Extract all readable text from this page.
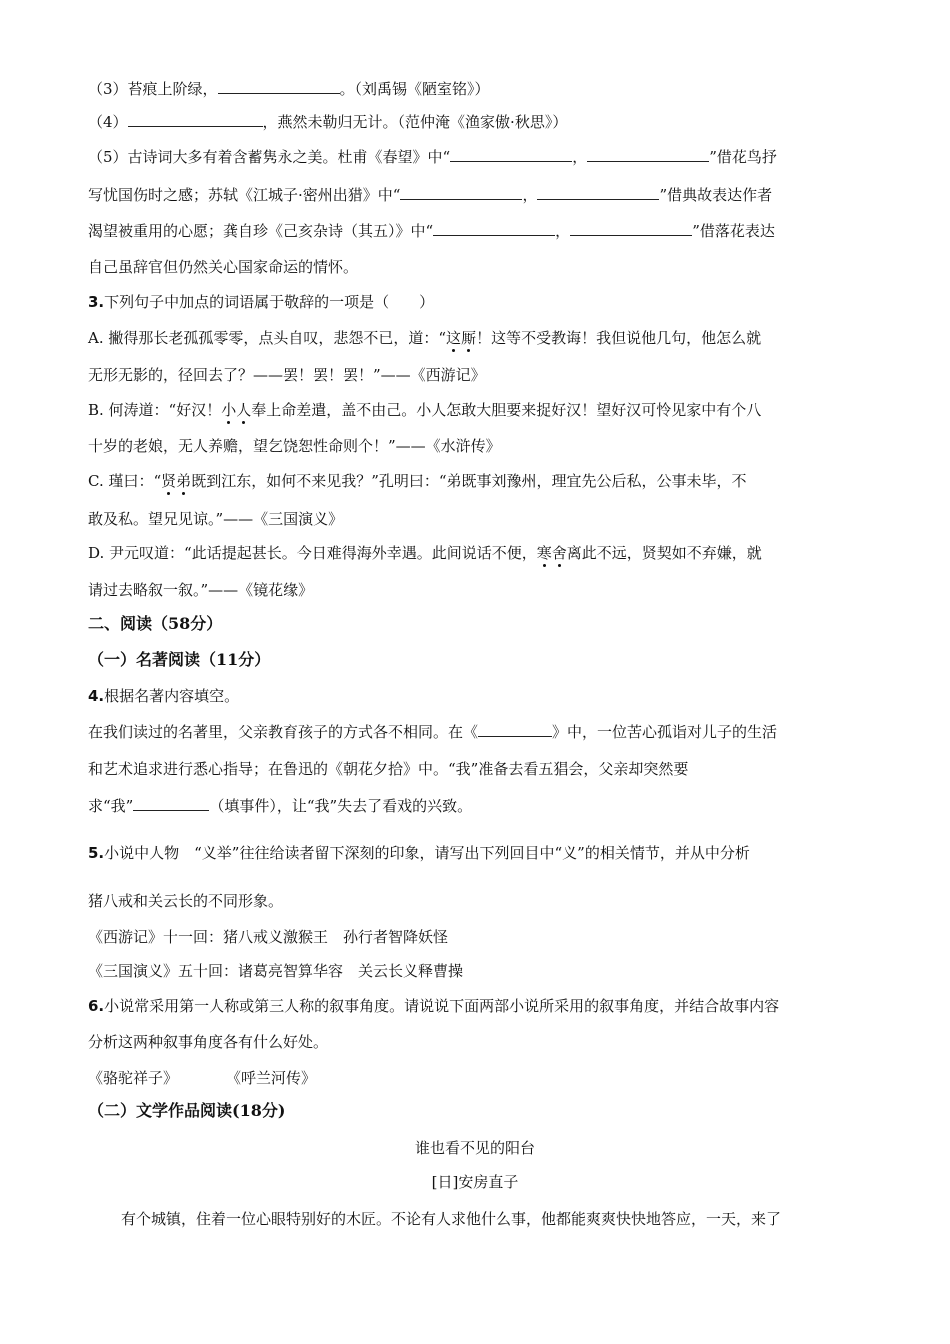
（3）苔痕上阶绿，	。（刘禹锡《陋室铭》）
（4）	，燕然未勒归无计。（范仲淹《渔家傲·秋思》）
（5）古诗词大多有着含蓄隽永之美。杜甫《春望》中“	，	”借花鸟抒
写忧国伤时之感；苏轼《江城子·密州出猎》中“	，	”借典故表达作者
渴望被重用的心愿；龚自珍《己亥杂诗（其五）》中“	，	”借落花表达
自己虽辞官但仍然关心国家命运的情怀。
3.下列句子中加点的词语属于敬辞的一项是（　　）
A. 撇得那长老孤孤零零，点头自叹，悲怨不已，道：“这厮！这等不受教诲！我但说他几句，他怎么就
无形无影的，径回去了？——罢！罢！罢！”——《西游记》
B. 何涛道：“好汉！小人奉上命差遣，盖不由己。小人怎敢大胆要来捉好汉！望好汉可怜见家中有个八
十岁的老娘，无人养赡，望乞饶恕性命则个！”——《水浒传》
C. 瑾曰：“贤弟既到江东，如何不来见我？”孔明曰：“弟既事刘豫州，理宜先公后私，公事未毕，不
敢及私。望兄见谅。”——《三国演义》
D. 尹元叹道：“此话提起甚长。今日难得海外幸遇。此间说话不便，寒舍离此不远，贤契如不弃嫌，就
请过去略叙一叙。”——《镜花缘》
二、阅读（58分）
（一）名著阅读（11分）
4.根据名著内容填空。
在我们读过的名著里，父亲教育孩子的方式各不相同。在《	》中，一位苦心孤诣对儿子的生活
和艺术追求进行悉心指导；在鲁迅的《朝花夕拾》中。“我”准备去看五猖会，父亲却突然要
求“我”	（填事件），让“我”失去了看戏的兴致。
5.小说中人物　“义举”往往给读者留下深刻的印象，请写出下列回目中“义”的相关情节，并从中分析
猪八戒和关云长的不同形象。
《西游记》十一回：猪八戒义激猴王　孙行者智降妖怪
《三国演义》五十回：诸葛亮智算华容　关云长义释曹操
6.小说常采用第一人称或第三人称的叙事角度。请说说下面两部小说所采用的叙事角度，并结合故事内容
分析这两种叙事角度各有什么好处。
《骆驼祥子》	《呼兰河传》
（二）文学作品阅读(18分)
谁也看不见的阳台
[日]安房直子
有个城镇，住着一位心眼特别好的木匠。不论有人求他什么事，他都能爽爽快快地答应，一天，来了
